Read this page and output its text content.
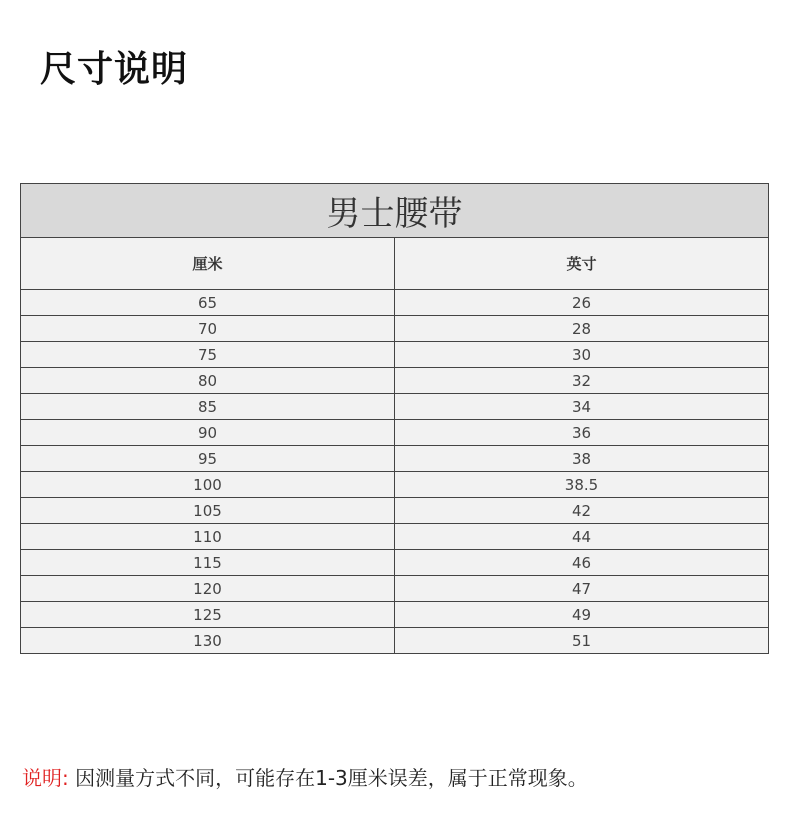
尺寸说明
男士腰带	
厘米	英寸
65	26
70	28
75	30
80	32
85	34
90	36
95	38
100	38.5
105	42
110	44
115	46
120	47
125	49
130	51
说明: 因测量方式不同，可能存在1-3厘米误差，属于正常现象。
